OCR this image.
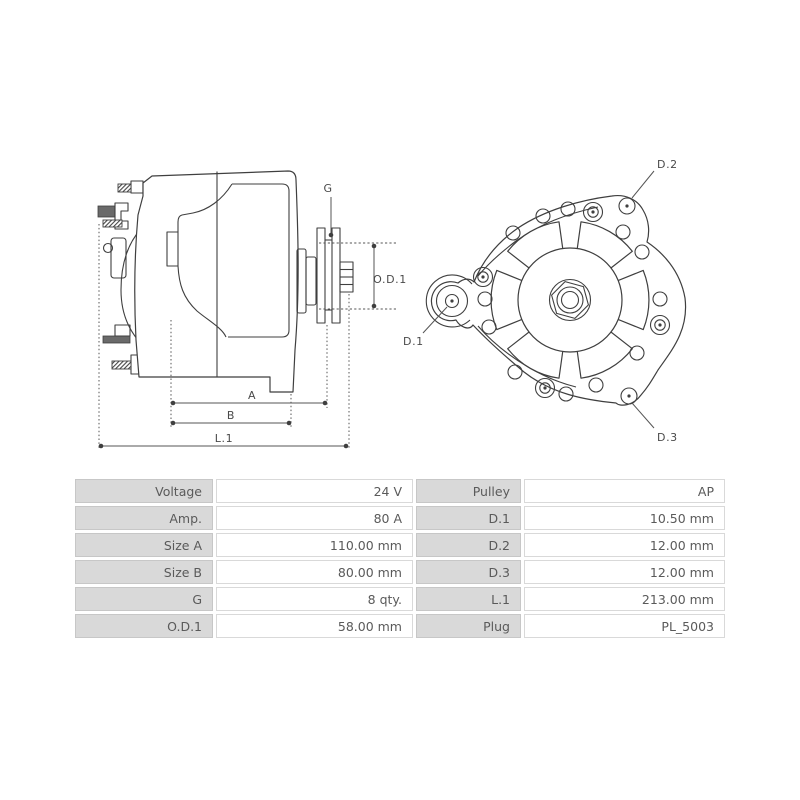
G
O.D.1
A
B
L.1
D.2
D.1
D.3
Voltage	24 V	Pulley	AP
Amp.	80 A	D.1	10.50 mm
Size A	110.00 mm	D.2	12.00 mm
Size B	80.00 mm	D.3	12.00 mm
G	8 qty.	L.1	213.00 mm
O.D.1	58.00 mm	Plug	PL_5003
